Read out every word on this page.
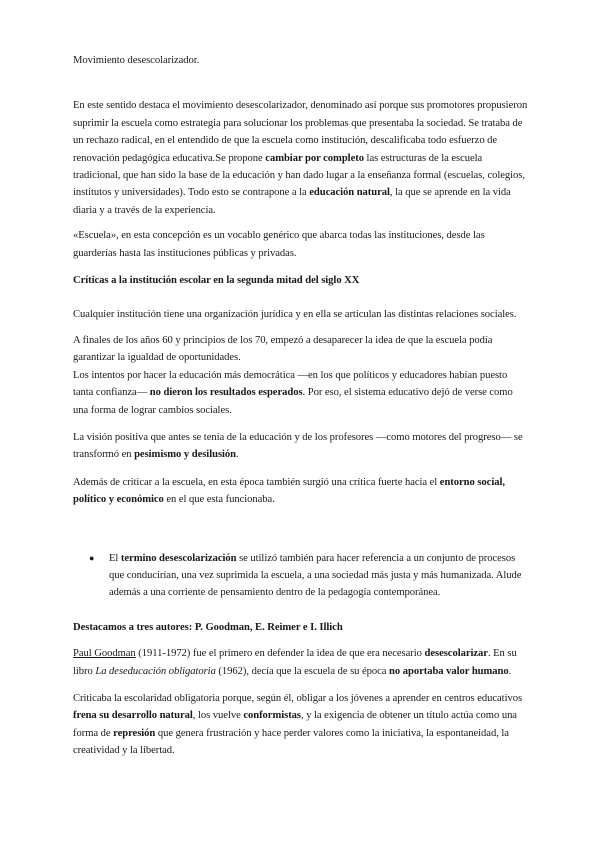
Movimiento desescolarizador.

En este sentido destaca el movimiento desescolarizador, denominado así porque sus promotores propusieron suprimir la escuela como estrategia para solucionar los problemas que presentaba la sociedad. Se trataba de un rechazo radical, en el entendido de que la escuela como institución, descalificaba todo esfuerzo de renovación pedagógica educativa.Se propone cambiar por completo las estructuras de la escuela tradicional, que han sido la base de la educación y han dado lugar a la enseñanza formal (escuelas, colegios, institutos y universidades). Todo esto se contrapone a la educación natural, la que se aprende en la vida diaria y a través de la experiencia.

«Escuela», en esta concepción es un vocablo genérico que abarca todas las instituciones, desde las guarderías hasta las instituciones públicas y privadas.

Críticas a la institución escolar en la segunda mitad del siglo XX

Cualquier institución tiene una organización jurídica y en ella se articulan las distintas relaciones sociales.

A finales de los años 60 y principios de los 70, empezó a desaparecer la idea de que la escuela podía garantizar la igualdad de oportunidades.

Los intentos por hacer la educación más democrática —en los que políticos y educadores habían puesto tanta confianza— no dieron los resultados esperados. Por eso, el sistema educativo dejó de verse como una forma de lograr cambios sociales.

La visión positiva que antes se tenía de la educación y de los profesores —como motores del progreso— se transformó en pesimismo y desilusión.

Además de criticar a la escuela, en esta época también surgió una crítica fuerte hacia el entorno social, político y económico en el que esta funcionaba.

● El termino desescolarización se utilizó también para hacer referencia a un conjunto de procesos que conducirían, una vez suprimida la escuela, a una sociedad más justa y más humanizada. Alude además a una corriente de pensamiento dentro de la pedagogía contemporánea.

Destacamos a tres autores: P. Goodman, E. Reimer e I. Illich

Paul Goodman (1911-1972) fue el primero en defender la idea de que era necesario desescolarizar. En su libro La deseducación obligatoria (1962), decía que la escuela de su época no aportaba valor humano.

Criticaba la escolaridad obligatoria porque, según él, obligar a los jóvenes a aprender en centros educativos frena su desarrollo natural, los vuelve conformistas, y la exigencia de obtener un título actúa como una forma de represión que genera frustración y hace perder valores como la iniciativa, la espontaneidad, la creatividad y la libertad.
